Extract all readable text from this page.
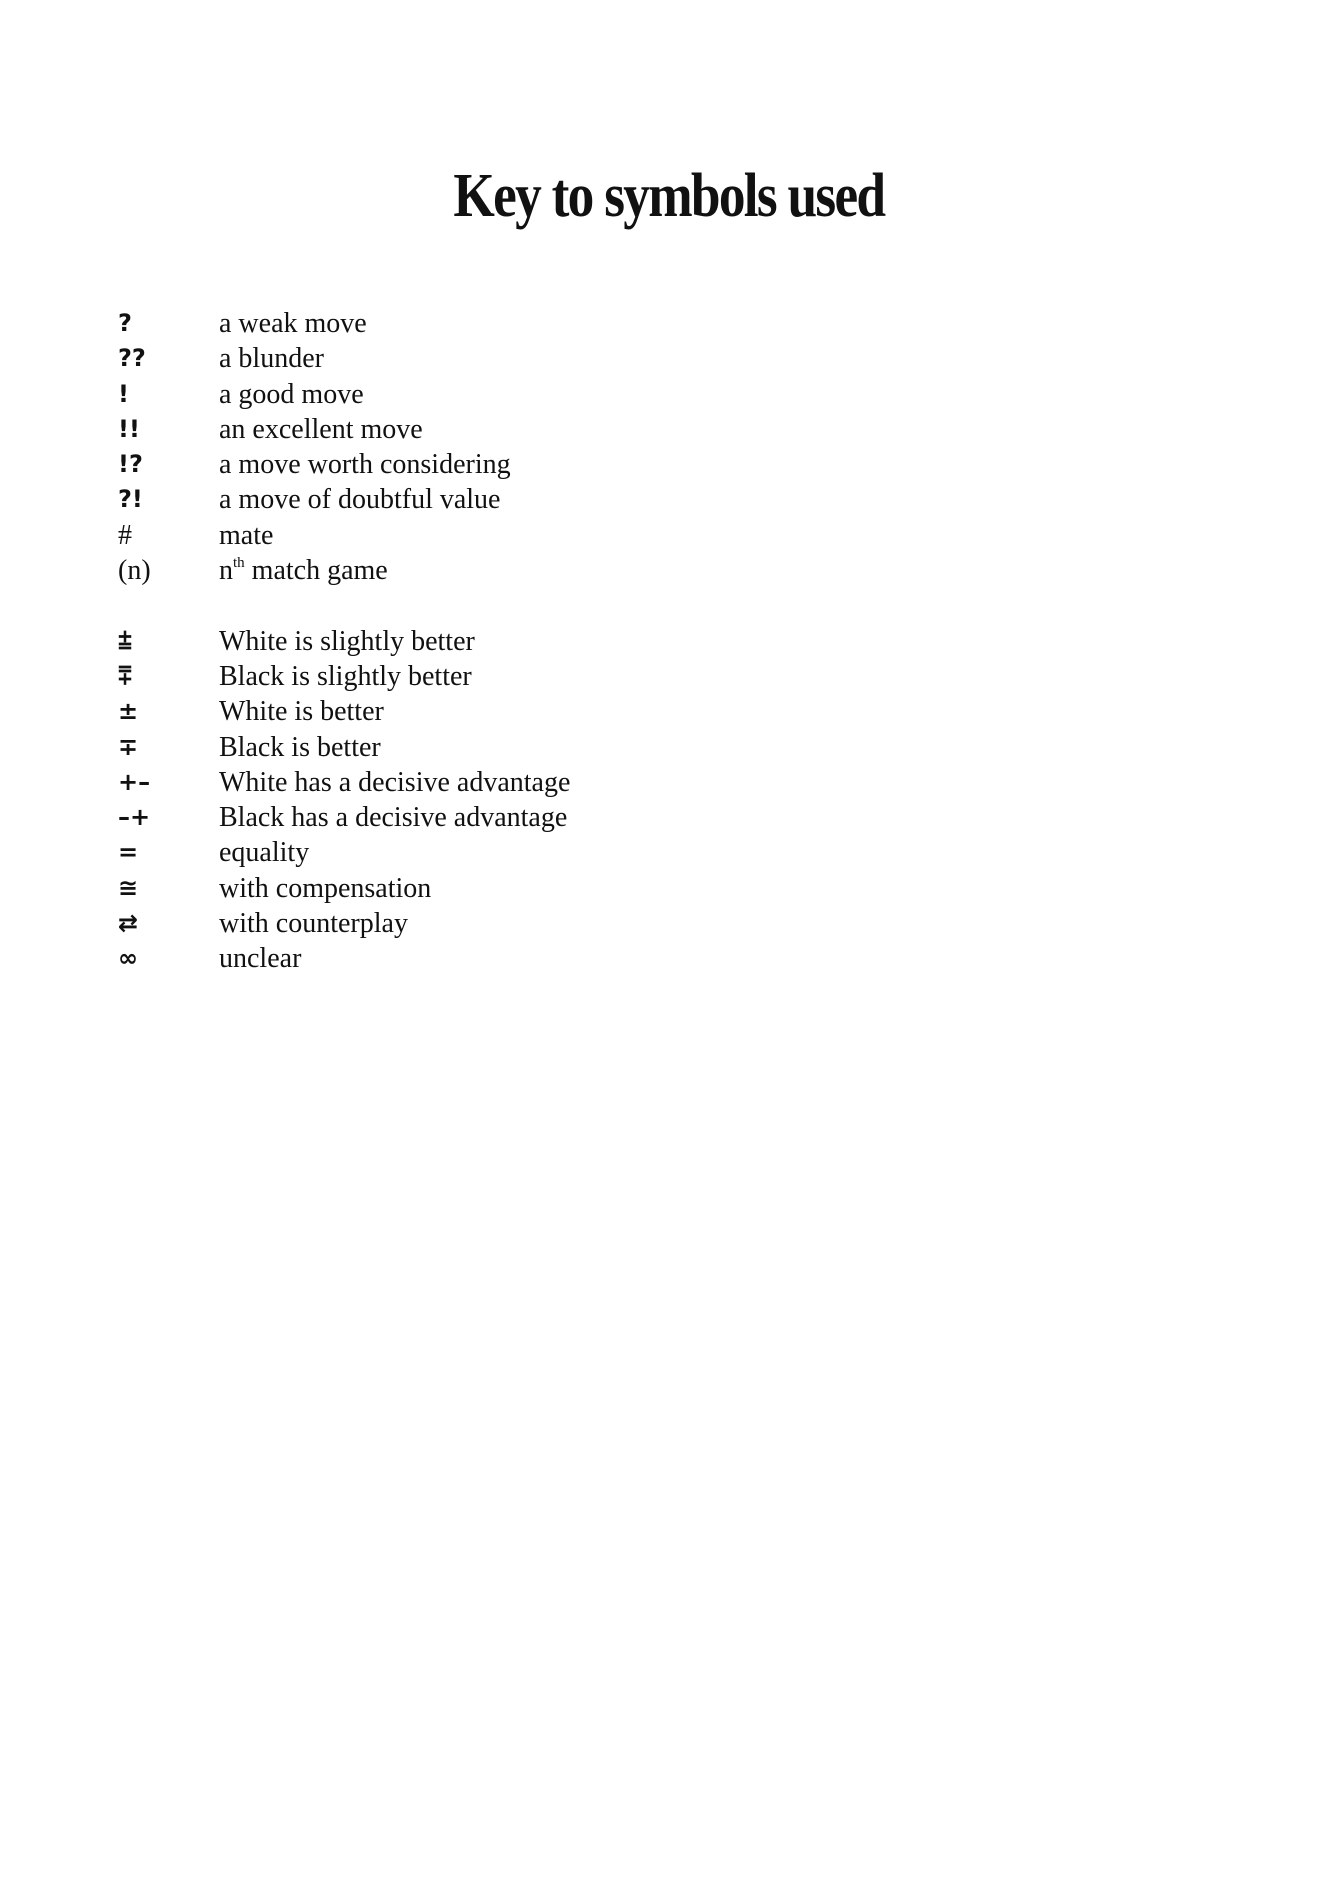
Key to symbols used
?	a weak move
??	a blunder
!	a good move
!!	an excellent move
!?	a move worth considering
?!	a move of doubtful value
#	mate
(n)	$n^{th}$ match game
⩲	White is slightly better
⩱	Black is slightly better
±	White is better
∓	Black is better
+–	White has a decisive advantage
–+	Black has a decisive advantage
=	equality
≅	with compensation
⇄	with counterplay
∞	unclear
